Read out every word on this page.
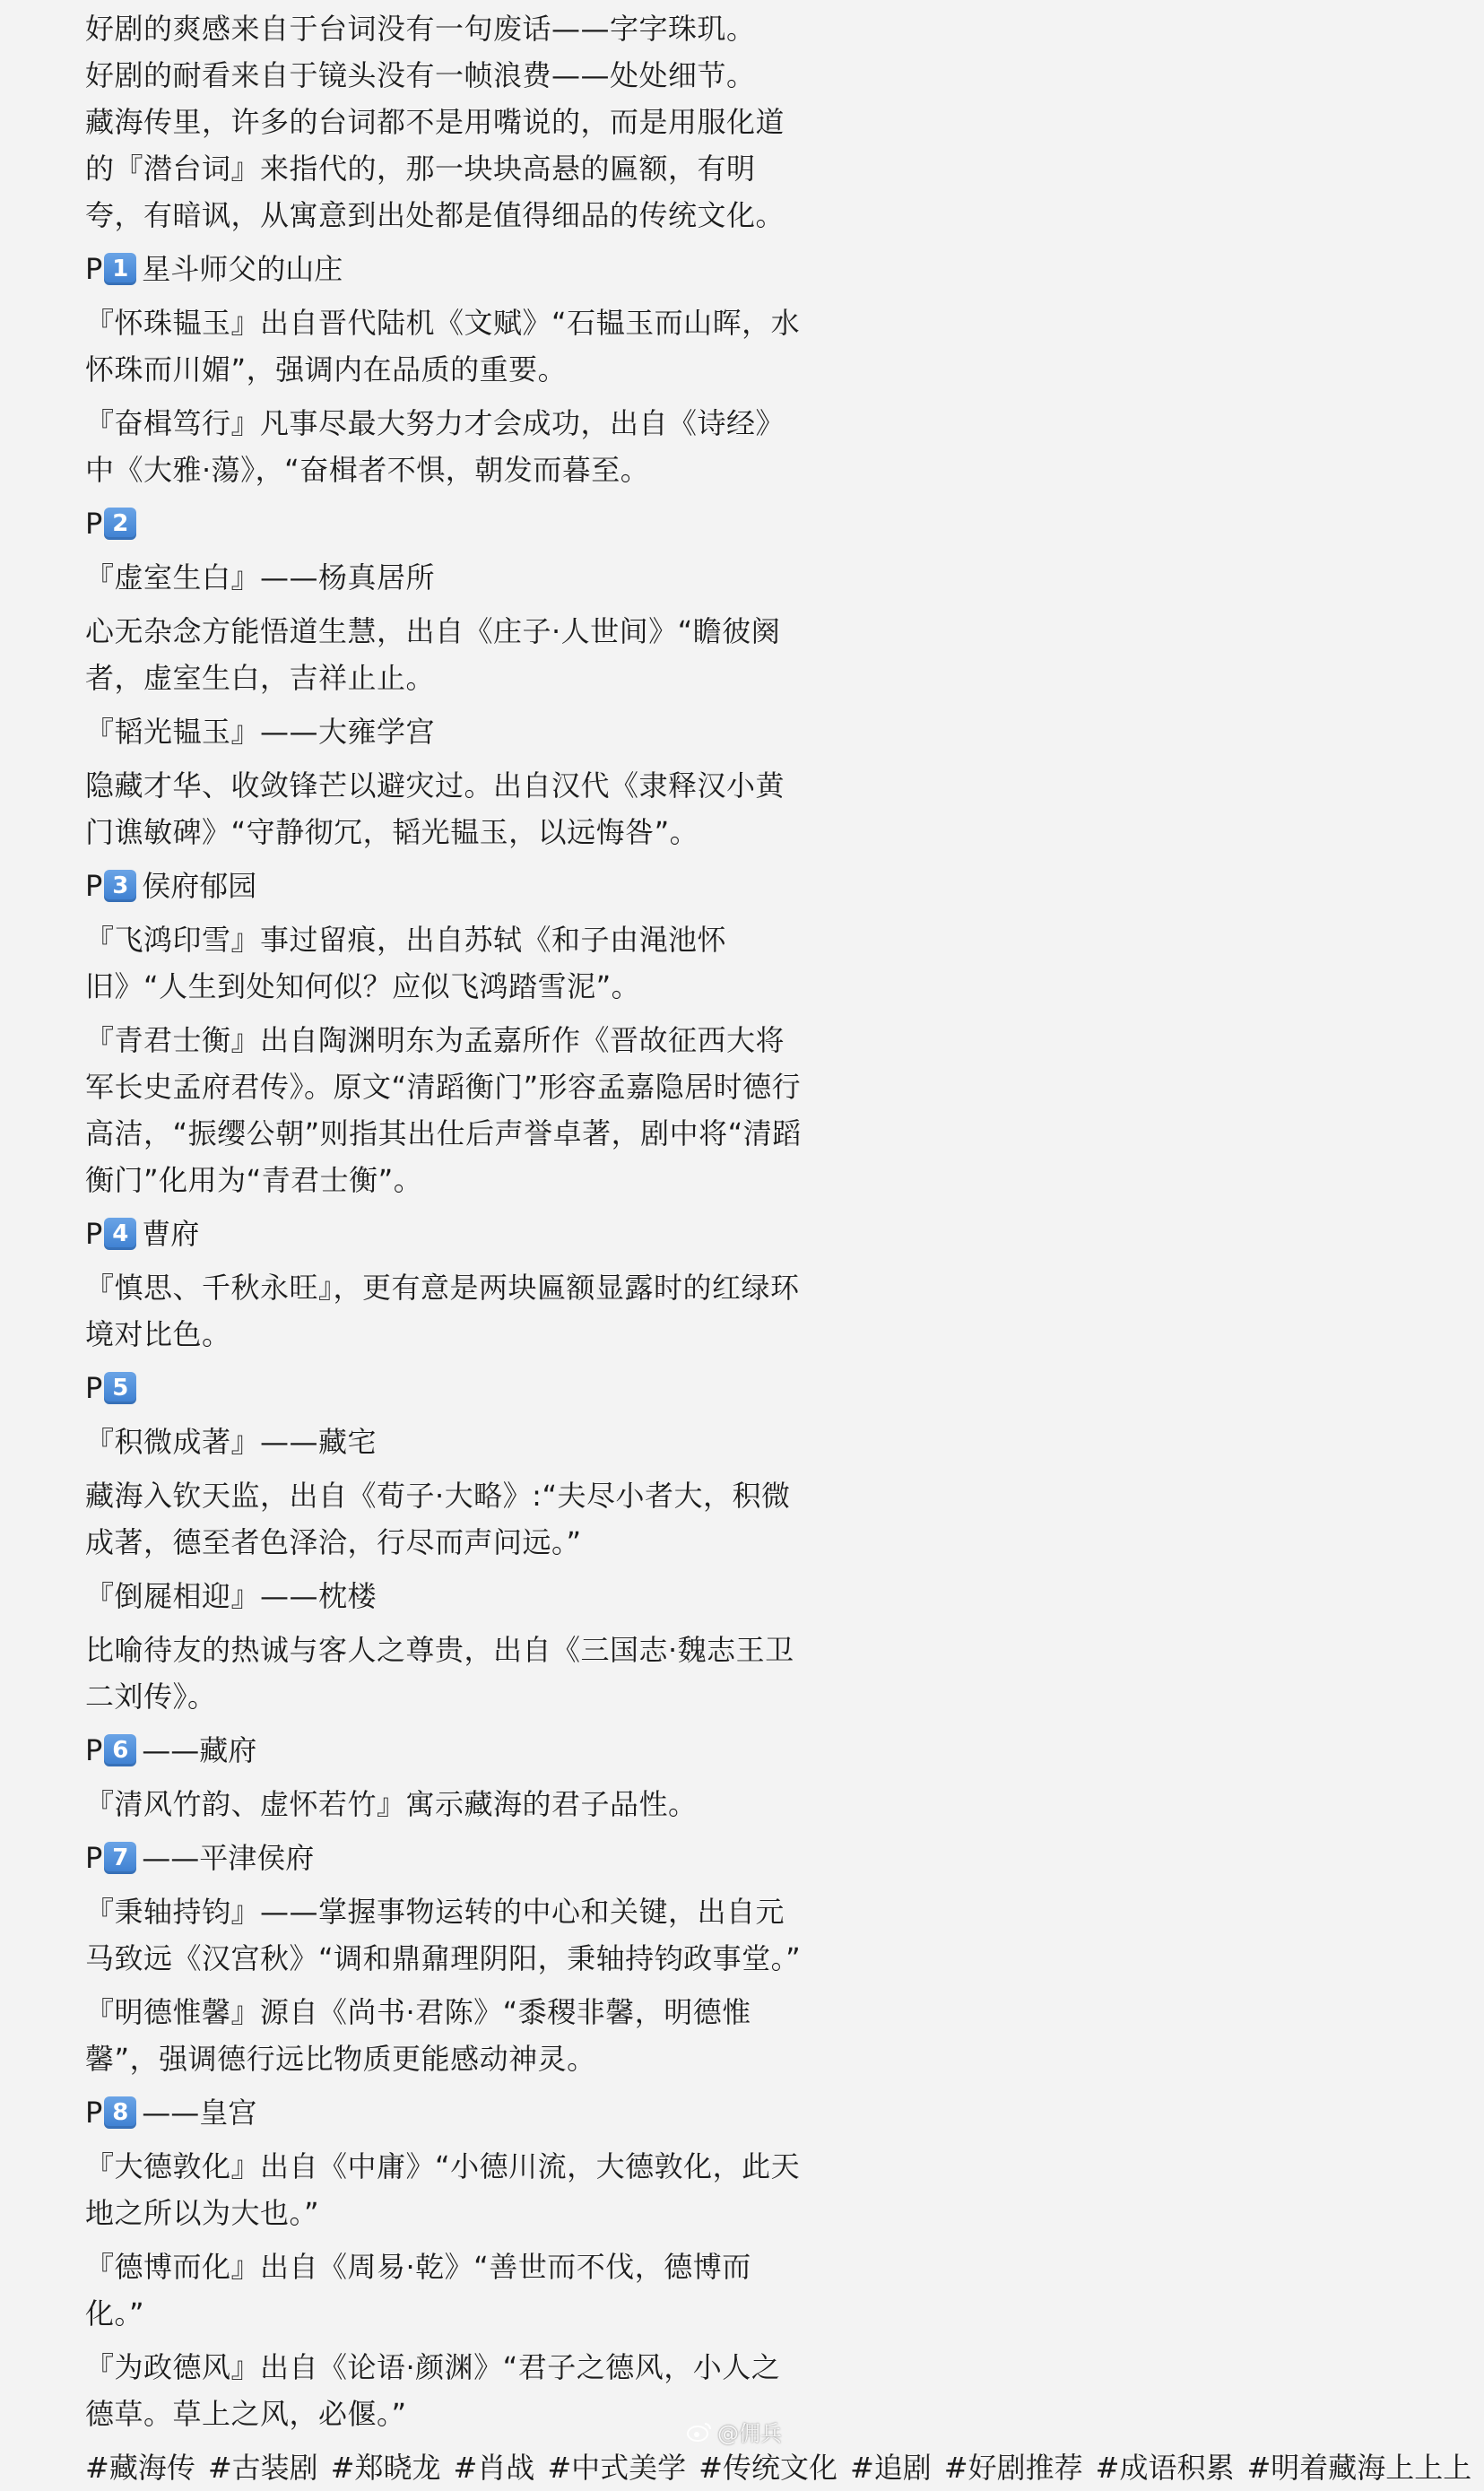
好剧的爽感来自于台词没有一句废话——字字珠玑。

好剧的耐看来自于镜头没有一帧浪费——处处细节。

藏海传里，许多的台词都不是用嘴说的，而是用服化道的『潜台词』来指代的，那一块块高悬的匾额，有明夸，有暗讽，从寓意到出处都是值得细品的传统文化。

P 1 星斗师父的山庄

『怀珠韫玉』出自晋代陆机《文赋》“石韫玉而山晖，水怀珠而川媚”，强调内在品质的重要。

『奋楫笃行』凡事尽最大努力才会成功，出自《诗经》中《大雅·蕩》，“奋楫者不惧，朝发而暮至。

P 2

『虚室生白』——杨真居所

心无杂念方能悟道生慧，出自《庄子·人世间》“瞻彼阕者，虚室生白，吉祥止止。

『韬光韫玉』——大雍学宫

隐藏才华、收敛锋芒以避灾过。出自汉代《隶释汉小黄门谯敏碑》“守静彻冗，韬光韫玉，以远悔咎”。

P 3 侯府郁园

『飞鸿印雪』事过留痕，出自苏轼《和子由渑池怀旧》“人生到处知何似？应似飞鸿踏雪泥”。

『青君士衡』出自陶渊明东为孟嘉所作《晋故征西大将军长史孟府君传》。原文“清蹈衡门”形容孟嘉隐居时德行高洁，“振缨公朝”则指其出仕后声誉卓著，剧中将“清蹈衡门”化用为“青君士衡”。

P 4 曹府

『慎思、千秋永旺』，更有意是两块匾额显露时的红绿环境对比色。

P 5

『积微成著』——藏宅

藏海入钦天监，出自《荀子·大略》:“夫尽小者大，积微成著，德至者色泽洽，行尽而声问远。”

『倒屣相迎』——枕楼

比喻待友的热诚与客人之尊贵，出自《三国志·魏志王卫二刘传》。

P 6 ——藏府

『清风竹韵、虚怀若竹』寓示藏海的君子品性。

P 7 ——平津侯府

『秉轴持钧』——掌握事物运转的中心和关键，出自元马致远《汉宫秋》“调和鼎鼐理阴阳，秉轴持钧政事堂。”

『明德惟馨』源自《尚书·君陈》“黍稷非馨，明德惟馨”，强调德行远比物质更能感动神灵。

P 8 ——皇宫

『大德敦化』出自《中庸》“小德川流，大德敦化，此天地之所以为大也。”

『德博而化』出自《周易·乾》“善世而不伐，德博而化。”

『为政德风』出自《论语·颜渊》“君子之德风，小人之德草。草上之风，必偃。”

#藏海传 #古装剧 #郑晓龙 #肖战 #中式美学 #传统文化 #追剧 #好剧推荐 #成语积累 #明着藏海上上上
@佣兵
